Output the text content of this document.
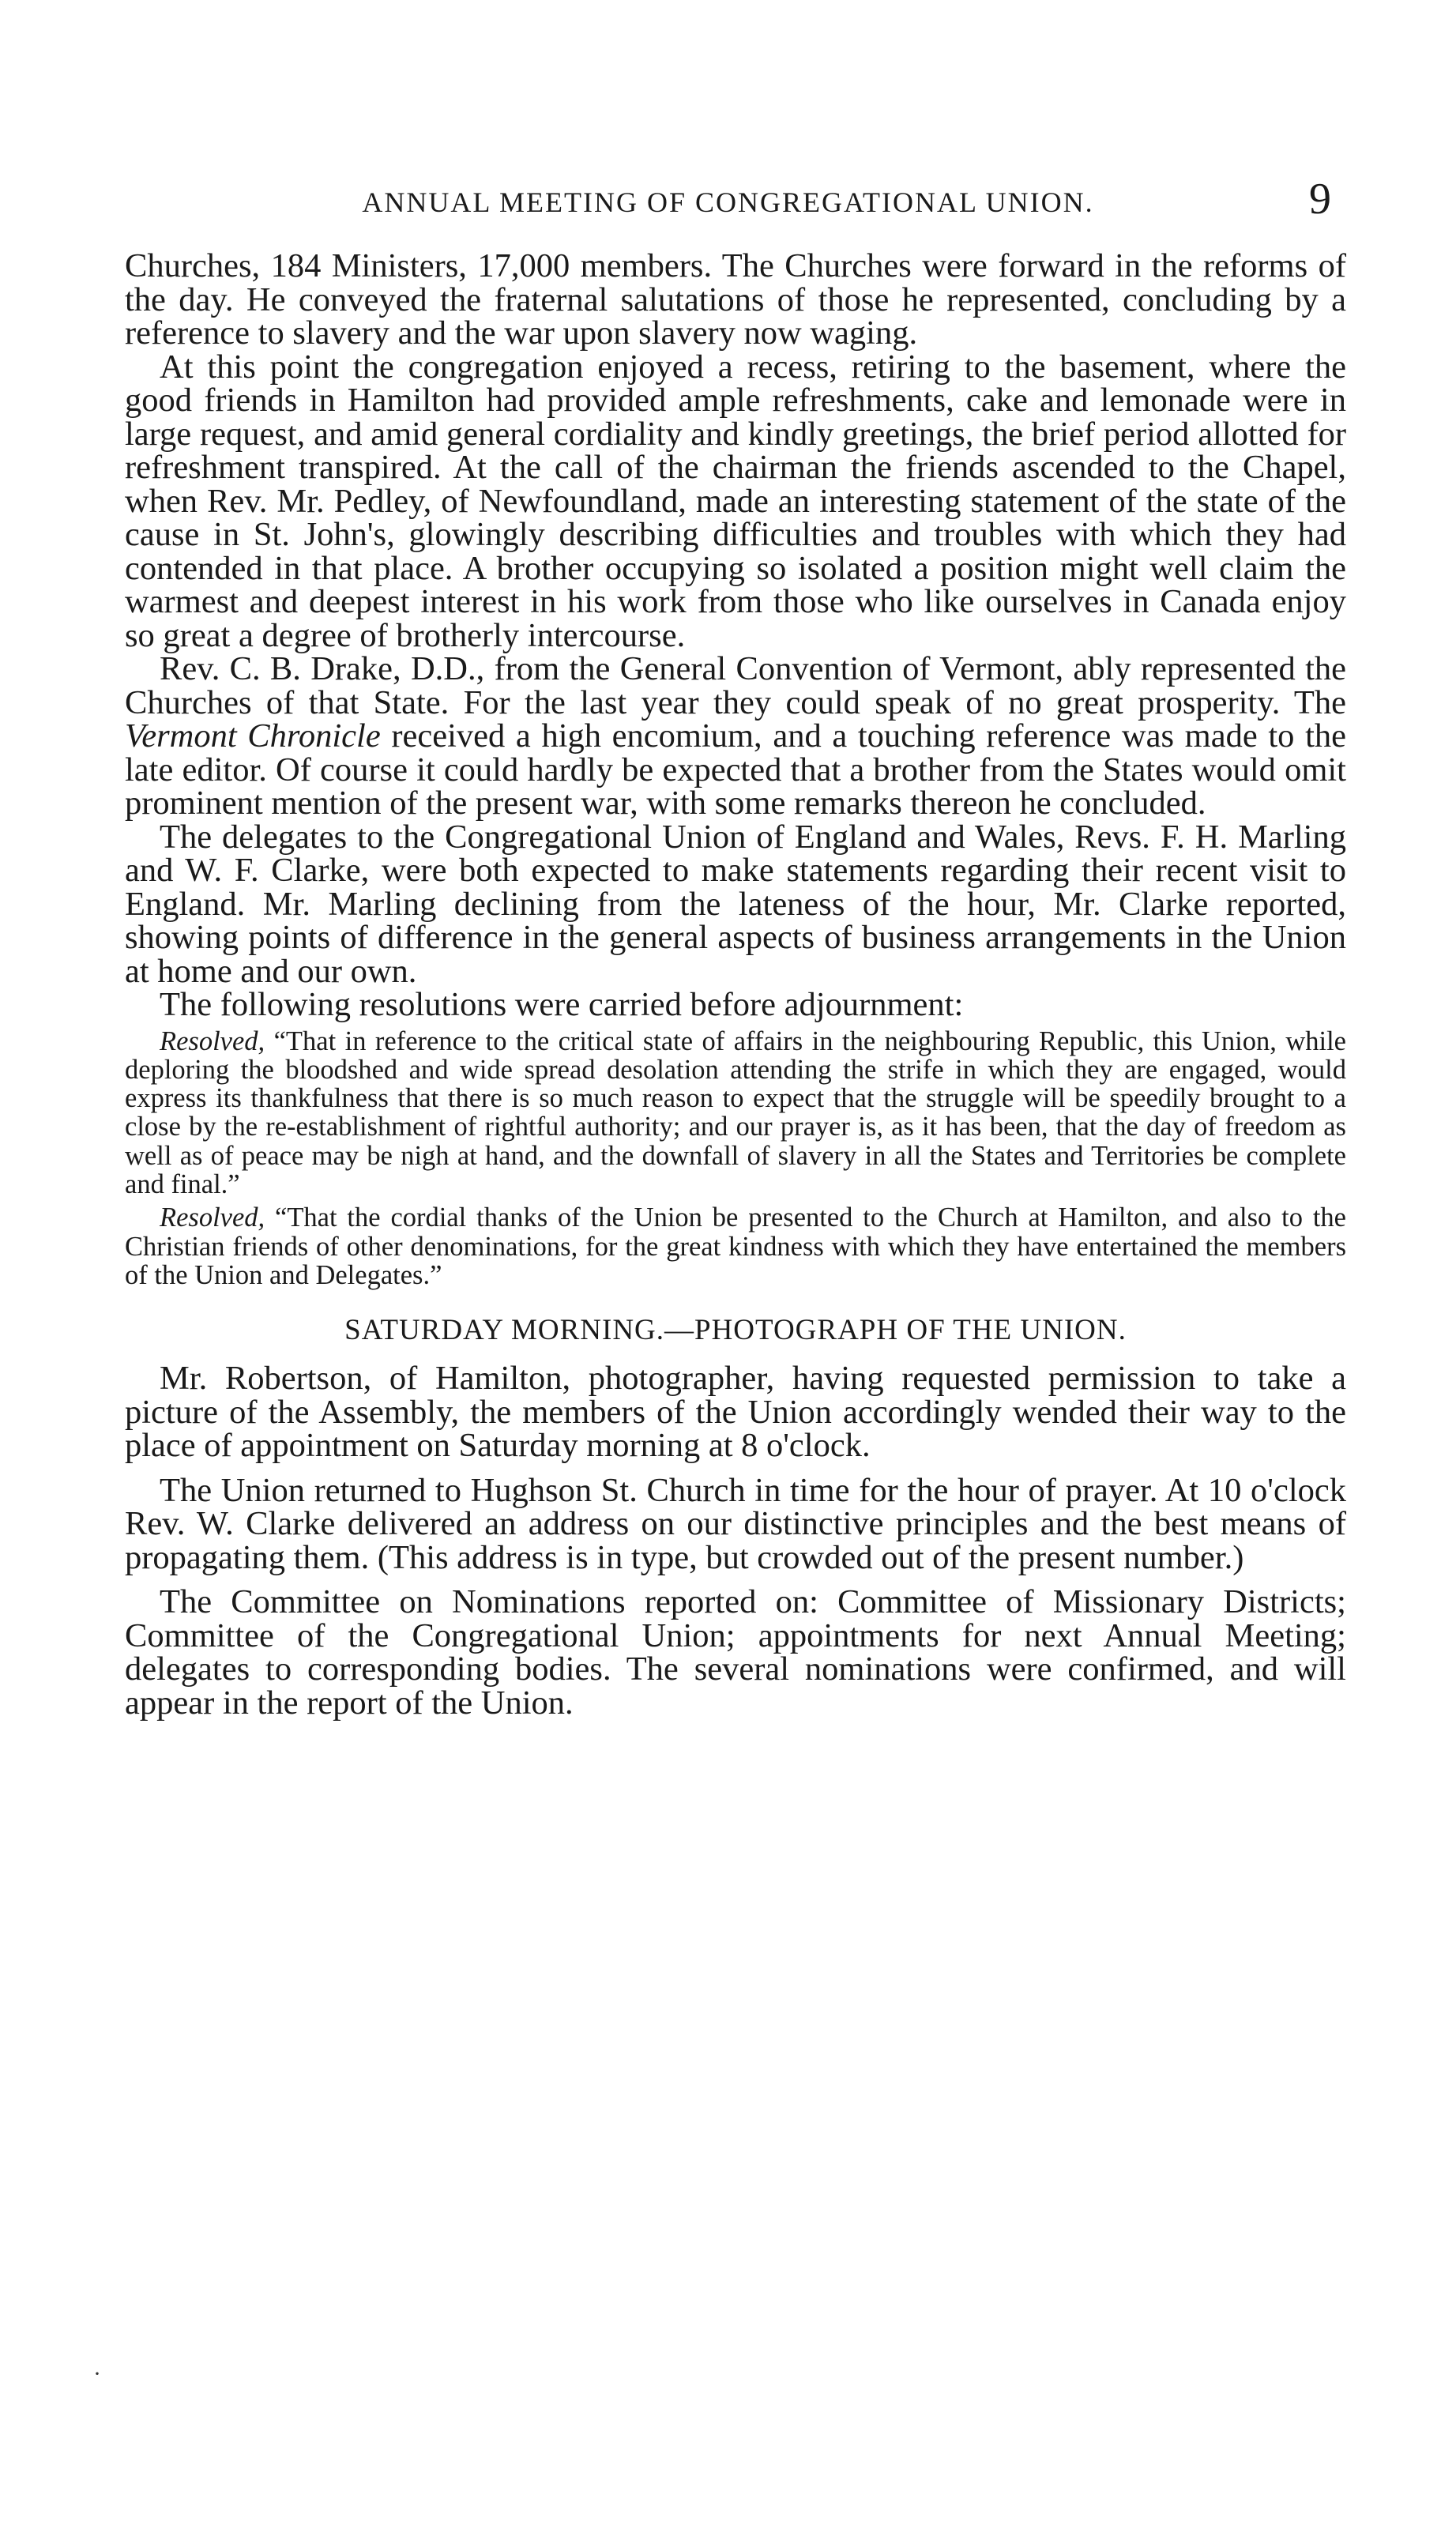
ANNUAL MEETING OF CONGREGATIONAL UNION.	9

Churches, 184 Ministers, 17,000 members. The Churches were forward in the reforms of the day. He conveyed the fraternal salutations of those he represented, concluding by a reference to slavery and the war upon slavery now waging.

At this point the congregation enjoyed a recess, retiring to the basement, where the good friends in Hamilton had provided ample refreshments, cake and lemonade were in large request, and amid general cordiality and kindly greetings, the brief period allotted for refreshment transpired. At the call of the chairman the friends ascended to the Chapel, when Rev. Mr. Pedley, of Newfoundland, made an interesting statement of the state of the cause in St. John's, glowingly describing difficulties and troubles with which they had contended in that place. A brother occupying so isolated a position might well claim the warmest and deepest interest in his work from those who like ourselves in Canada enjoy so great a degree of brotherly intercourse.

Rev. C. B. Drake, D.D., from the General Convention of Vermont, ably represented the Churches of that State. For the last year they could speak of no great prosperity. The Vermont Chronicle received a high encomium, and a touching reference was made to the late editor. Of course it could hardly be expected that a brother from the States would omit prominent mention of the present war, with some remarks thereon he concluded.

The delegates to the Congregational Union of England and Wales, Revs. F. H. Marling and W. F. Clarke, were both expected to make statements regarding their recent visit to England. Mr. Marling declining from the lateness of the hour, Mr. Clarke reported, showing points of difference in the general aspects of business arrangements in the Union at home and our own.

The following resolutions were carried before adjournment:

Resolved, “That in reference to the critical state of affairs in the neighbouring Republic, this Union, while deploring the bloodshed and wide spread desolation attending the strife in which they are engaged, would express its thankfulness that there is so much reason to expect that the struggle will be speedily brought to a close by the re-establishment of rightful authority; and our prayer is, as it has been, that the day of freedom as well as of peace may be nigh at hand, and the downfall of slavery in all the States and Territories be complete and final.”

Resolved, “That the cordial thanks of the Union be presented to the Church at Hamilton, and also to the Christian friends of other denominations, for the great kindness with which they have entertained the members of the Union and Delegates.”

SATURDAY MORNING.—PHOTOGRAPH OF THE UNION.

Mr. Robertson, of Hamilton, photographer, having requested permission to take a picture of the Assembly, the members of the Union accordingly wended their way to the place of appointment on Saturday morning at 8 o'clock.

The Union returned to Hughson St. Church in time for the hour of prayer. At 10 o'clock Rev. W. Clarke delivered an address on our distinctive principles and the best means of propagating them. (This address is in type, but crowded out of the present number.)

The Committee on Nominations reported on: Committee of Missionary Districts; Committee of the Congregational Union; appointments for next Annual Meeting; delegates to corresponding bodies. The several nominations were confirmed, and will appear in the report of the Union.

·
